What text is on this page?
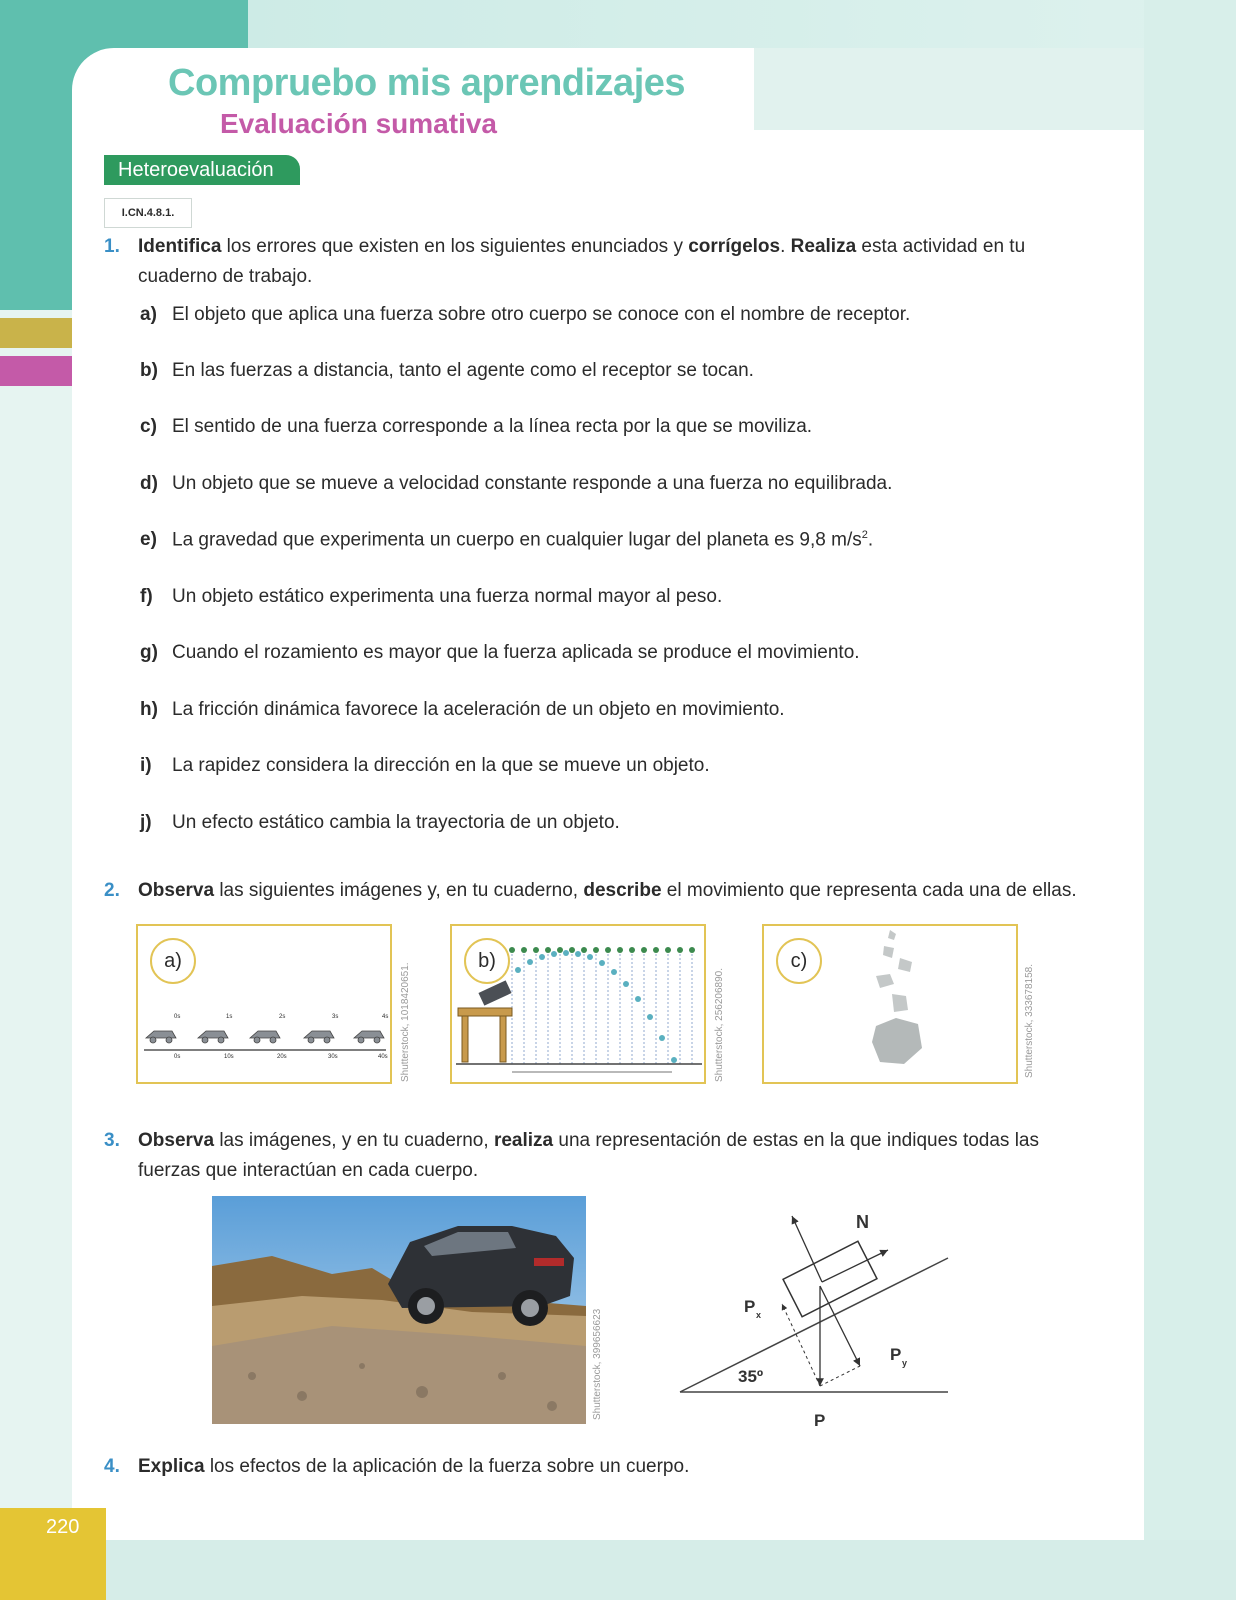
220
Compruebo mis aprendizajes
Evaluación sumativa
Heteroevaluación
I.CN.4.8.1.
1. Identifica los errores que existen en los siguientes enunciados y corrígelos. Realiza esta actividad en tu cuaderno de trabajo.
a) El objeto que aplica una fuerza sobre otro cuerpo se conoce con el nombre de receptor.
b) En las fuerzas a distancia, tanto el agente como el receptor se tocan.
c) El sentido de una fuerza corresponde a la línea recta por la que se moviliza.
d) Un objeto que se mueve a velocidad constante responde a una fuerza no equilibrada.
e) La gravedad que experimenta un cuerpo en cualquier lugar del planeta es 9,8 $m/s^2$.
f) Un objeto estático experimenta una fuerza normal mayor al peso.
g) Cuando el rozamiento es mayor que la fuerza aplicada se produce el movimiento.
h) La fricción dinámica favorece la aceleración de un objeto en movimiento.
i) La rapidez considera la dirección en la que se mueve un objeto.
j) Un efecto estático cambia la trayectoria de un objeto.
2. Observa las siguientes imágenes y, en tu cuaderno, describe el movimiento que representa cada una de ellas.
a)
0s	1s	2s	3s	4s
0s	10s	20s	30s	40s Shutterstock, 1018420651.
b)
Shutterstock, 256206890.
c)
Shutterstock, 333678158.
3. Observa las imágenes, y en tu cuaderno, realiza una representación de estas en la que indiques todas las fuerzas que interactúan en cada cuerpo.
Shutterstock, 399656623
N
P x
P y
P
35º
4. Explica los efectos de la aplicación de la fuerza sobre un cuerpo.
